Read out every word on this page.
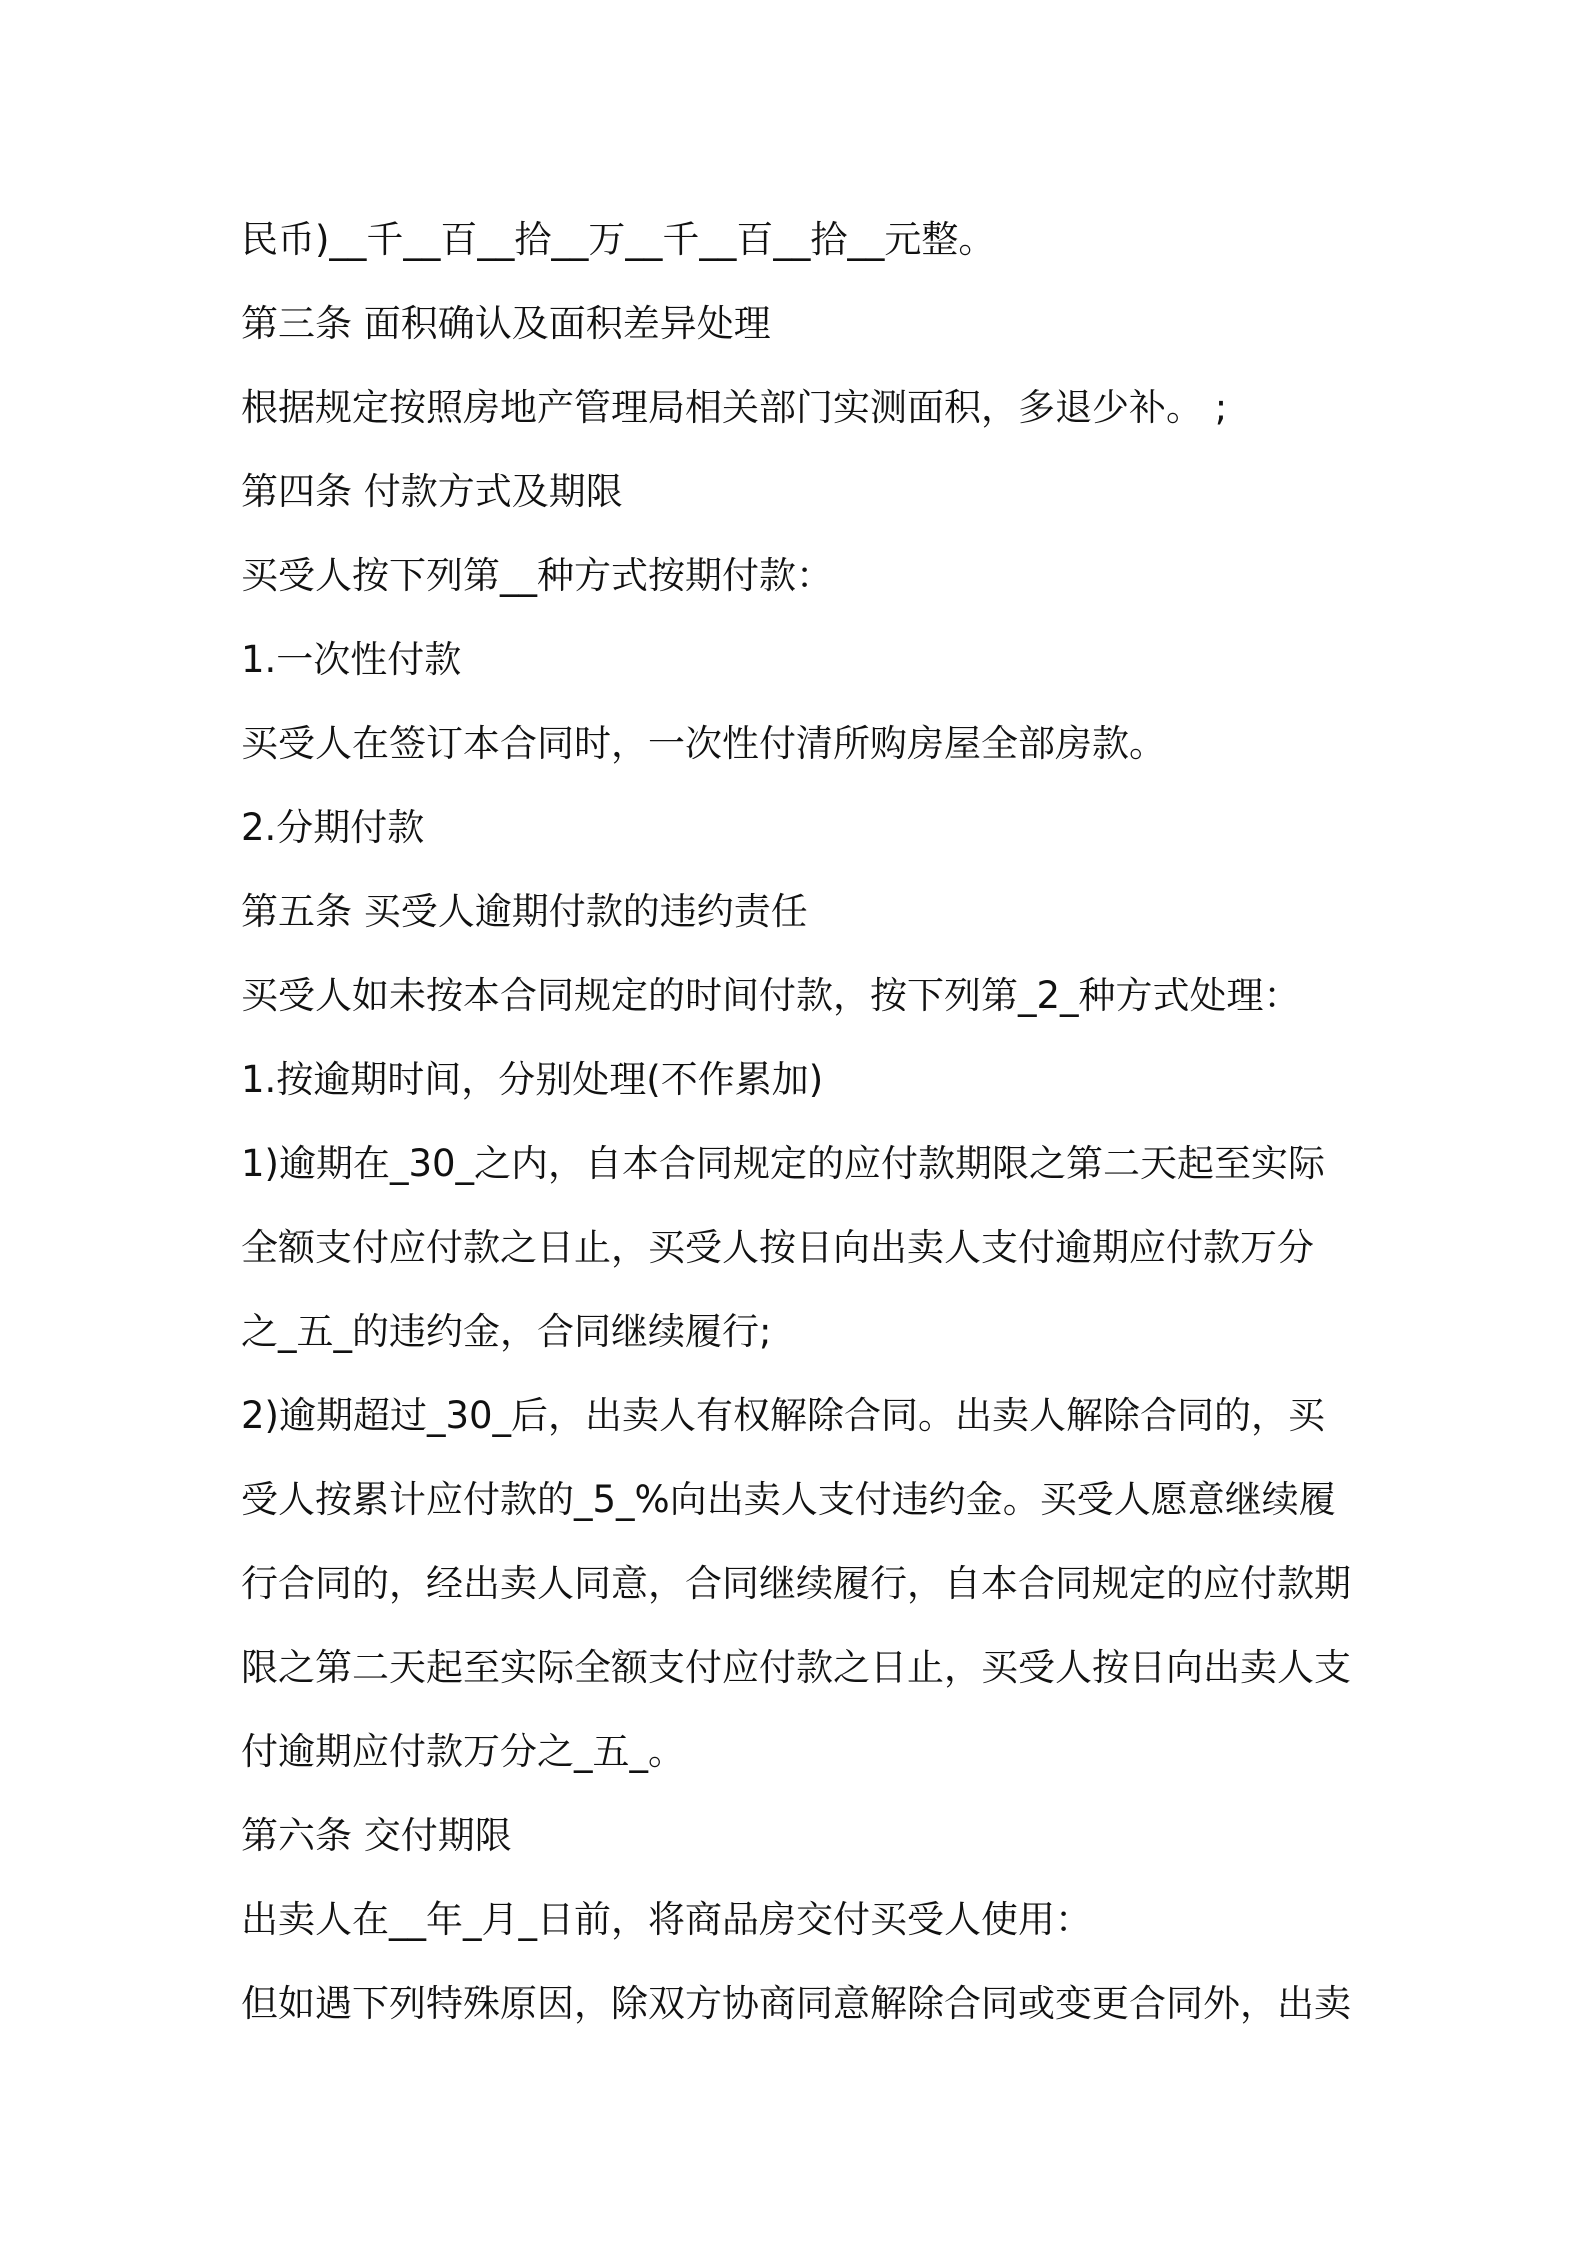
民币)__千__百__拾__万__千__百__拾__元整。
第三条 面积确认及面积差异处理
根据规定按照房地产管理局相关部门实测面积，多退少补。 ;
第四条 付款方式及期限
买受人按下列第__种方式按期付款：
1.一次性付款
买受人在签订本合同时，一次性付清所购房屋全部房款。
2.分期付款
第五条 买受人逾期付款的违约责任
买受人如未按本合同规定的时间付款，按下列第_2_种方式处理：
1.按逾期时间，分别处理(不作累加)
1)逾期在_30_之内，自本合同规定的应付款期限之第二天起至实际
全额支付应付款之日止，买受人按日向出卖人支付逾期应付款万分
之_五_的违约金，合同继续履行;
2)逾期超过_30_后，出卖人有权解除合同。出卖人解除合同的，买
受人按累计应付款的_5_%向出卖人支付违约金。买受人愿意继续履
行合同的，经出卖人同意，合同继续履行，自本合同规定的应付款期
限之第二天起至实际全额支付应付款之日止，买受人按日向出卖人支
付逾期应付款万分之_五_。
第六条 交付期限
出卖人在__年_月_日前，将商品房交付买受人使用：
但如遇下列特殊原因，除双方协商同意解除合同或变更合同外，出卖
